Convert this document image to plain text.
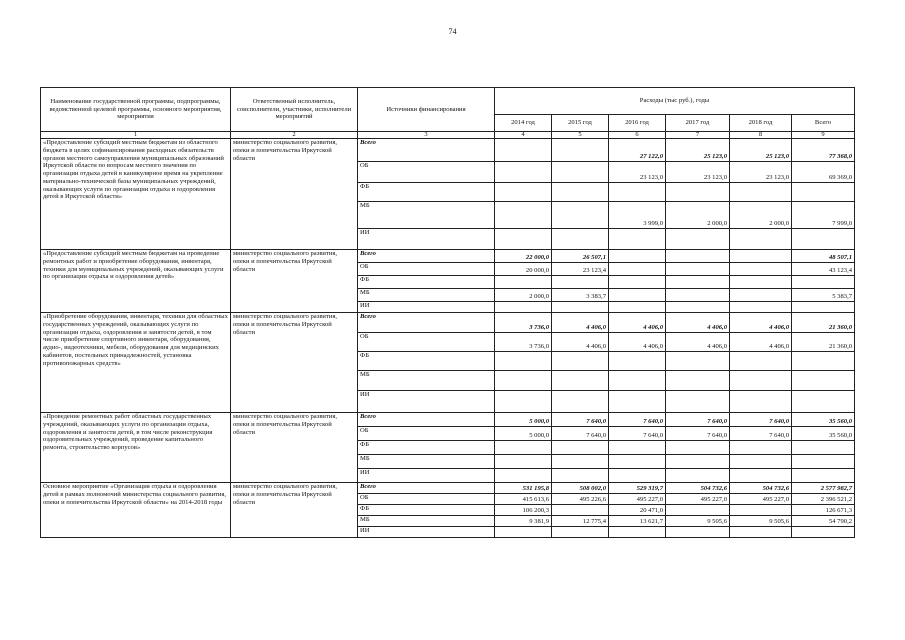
74
Наименование государственной программы, подпрограммы, ведомственной целевой программы, основного мероприятия, мероприятия	Ответственный исполнитель, соисполнители, участники, исполнители мероприятий	Источники финансирования	Расходы (тыс руб.), годы					
			2014 год	2015 год	2016 год	2017 год	2018 год	Всего
1	2	3	4	5	6	7	8	9
«Предоставление субсидий местным бюджетам из областного бюджета в целях софинансирования расходных обязательств органов местного самоуправления муниципальных образований Иркутской области по вопросам местного значения по организации отдыха детей в каникулярное время на укрепление материально-технической базы муниципальных учреждений, оказывающих услуги по организации отдыха и оздоровления детей в Иркутской области»	министерство социального развития, опеки и попечительства Иркутской области	Всего			27 122,0	25 123,0	25 123,0	77 368,0
		ОБ			23 123,0	23 123,0	23 123,0	69 369,0
		ФБ						
		МБ			3 999,0	2 000,0	2 000,0	7 999,0
		ИИ						
«Предоставление субсидий местным бюджетам на проведение ремонтных работ и приобретение оборудования, инвентаря, техники для муниципальных учреждений, оказывающих услуги по организации отдыха и оздоровления детей»	министерство социального развития, опеки и попечительства Иркутской области	Всего	22 000,0	26 507,1				48 507,1
		ОБ	20 000,0	23 123,4				43 123,4
		ФБ						
		МБ	2 000,0	3 383,7				5 383,7
		ИИ						
«Приобретение оборудования, инвентаря, техники для областных государственных учреждений, оказывающих услуги по организации отдыха, оздоровления и занятости детей, в том числе приобретение спортивного инвентаря, оборудования, аудио-, видеотехники, мебели, оборудования для медицинских кабинетов, постельных принадлежностей, установка противопожарных средств»	министерство социального развития, опеки и попечительства Иркутской области	Всего	3 736,0	4 406,0	4 406,0	4 406,0	4 406,0	21 360,0
		ОБ	3 736,0	4 406,0	4 406,0	4 406,0	4 406,0	21 360,0
		ФБ						
		МБ						
		ИИ						
«Проведение ремонтных работ областных государственных учреждений, оказывающих услуги по организации отдыха, оздоровления и занятости детей, в том числе реконструкция оздоровительных учреждений, проведение капитального ремонта, строительство корпусов»	министерство социального развития, опеки и попечительства Иркутской области	Всего	5 000,0	7 640,0	7 640,0	7 640,0	7 640,0	35 560,0
		ОБ	5 000,0	7 640,0	7 640,0	7 640,0	7 640,0	35 560,0
		ФБ						
		МБ						
		ИИ						
Основное мероприятие «Организация отдыха и оздоровления детей в рамках полномочий министерства социального развития, опеки и попечительства Иркутской области» на 2014-2018 годы	министерство социального развития, опеки и попечительства Иркутской области	Всего	531 195,8	508 002,0	529 319,7	504 732,6	504 732,6	2 577 982,7
		ОБ	415 613,6	495 226,6	495 227,0	495 227,0	495 227,0	2 396 521,2
		ФБ	106 200,3		20 471,0			126 671,3
		МБ	9 381,9	12 775,4	13 621,7	9 505,6	9 505,6	54 790,2
		ИИ						
